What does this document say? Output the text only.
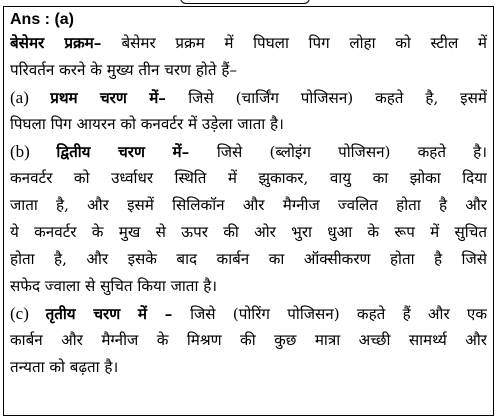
Ans : (a)
बेसेमर प्रक्रम– बेसेमर प्रक्रम में पिघला पिग लोहा को स्टील में
परिवर्तन करने के मुख्य तीन चरण होते हैं–
(a) प्रथम चरण में– जिसे (चार्जिंग पोजिसन) कहते है, इसमें
पिघला पिग आयरन को कनवर्टर में उड़ेला जाता है।
(b) द्वितीय चरण में– जिसे (ब्लोइंग पोजिसन) कहते है।
कनवर्टर को उर्ध्वाधर स्थिति में झुकाकर, वायु का झोका दिया
जाता है, और इसमें सिलिकॉन और मैग्नीज ज्वलित होता है और
ये कनवर्टर के मुख से ऊपर की ओर भुरा धुआ के रूप में सुचित
होता है, और इसके बाद कार्बन का ऑक्सीकरण होता है जिसे
सफेद ज्वाला से सुचित किया जाता है।
(c) तृतीय चरण में – जिसे (पोरिंग पोजिसन) कहते हैं और एक
कार्बन और मैग्नीज के मिश्रण की कुछ मात्रा अच्छी सामर्थ्य और
तन्यता को बढ़ता है।
